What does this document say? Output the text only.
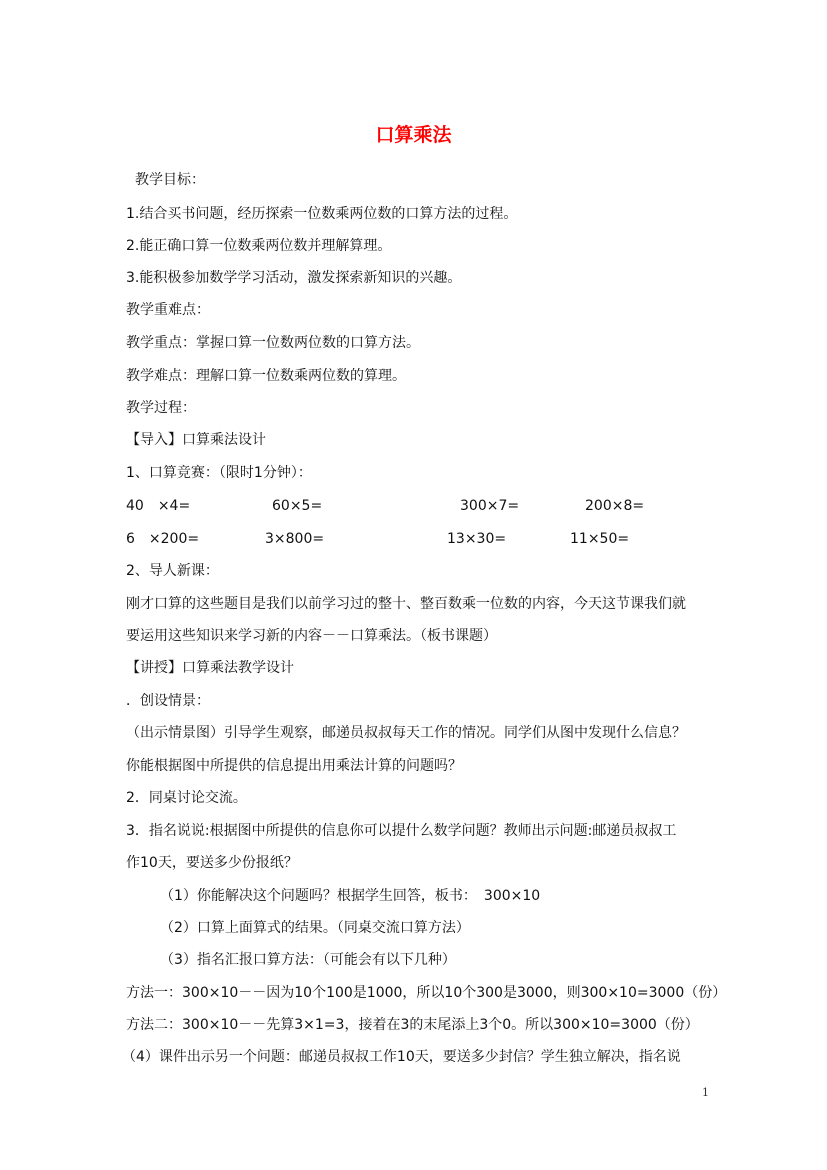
口算乘法
教学目标：
1.结合买书问题，经历探索一位数乘两位数的口算方法的过程。
2.能正确口算一位数乘两位数并理解算理。
3.能积极参加数学学习活动，激发探索新知识的兴趣。
教学重难点：
教学重点：掌握口算一位数两位数的口算方法。
教学难点：理解口算一位数乘两位数的算理。
教学过程：
【导入】口算乘法设计
1、口算竞赛：（限时1分钟）：
40　×4=	60×5=	300×7=	200×8=
6　×200=	3×800=	13×30=	11×50=
2、导人新课：
刚才口算的这些题目是我们以前学习过的整十、整百数乘一位数的内容，今天这节课我们就
要运用这些知识来学习新的内容－－口算乘法。（板书课题）
【讲授】口算乘法教学设计
．创设情景：
（出示情景图）引导学生观察，邮递员叔叔每天工作的情况。同学们从图中发现什么信息？
你能根据图中所提供的信息提出用乘法计算的问题吗？
2．同桌讨论交流。
3．指名说说:根据图中所提供的信息你可以提什么数学问题？教师出示问题:邮递员叔叔工
作10天，要送多少份报纸？
（1）你能解决这个问题吗？根据学生回答，板书：　300×10
（2）口算上面算式的结果。（同桌交流口算方法）
（3）指名汇报口算方法：（可能会有以下几种）
方法一：300×10－－因为10个100是1000，所以10个300是3000，则300×10=3000（份）
方法二：300×10－－先算3×1=3，接着在3的末尾添上3个0。所以300×10=3000（份）
（4）课件出示另一个问题：邮递员叔叔工作10天，要送多少封信？学生独立解决，指名说
1
